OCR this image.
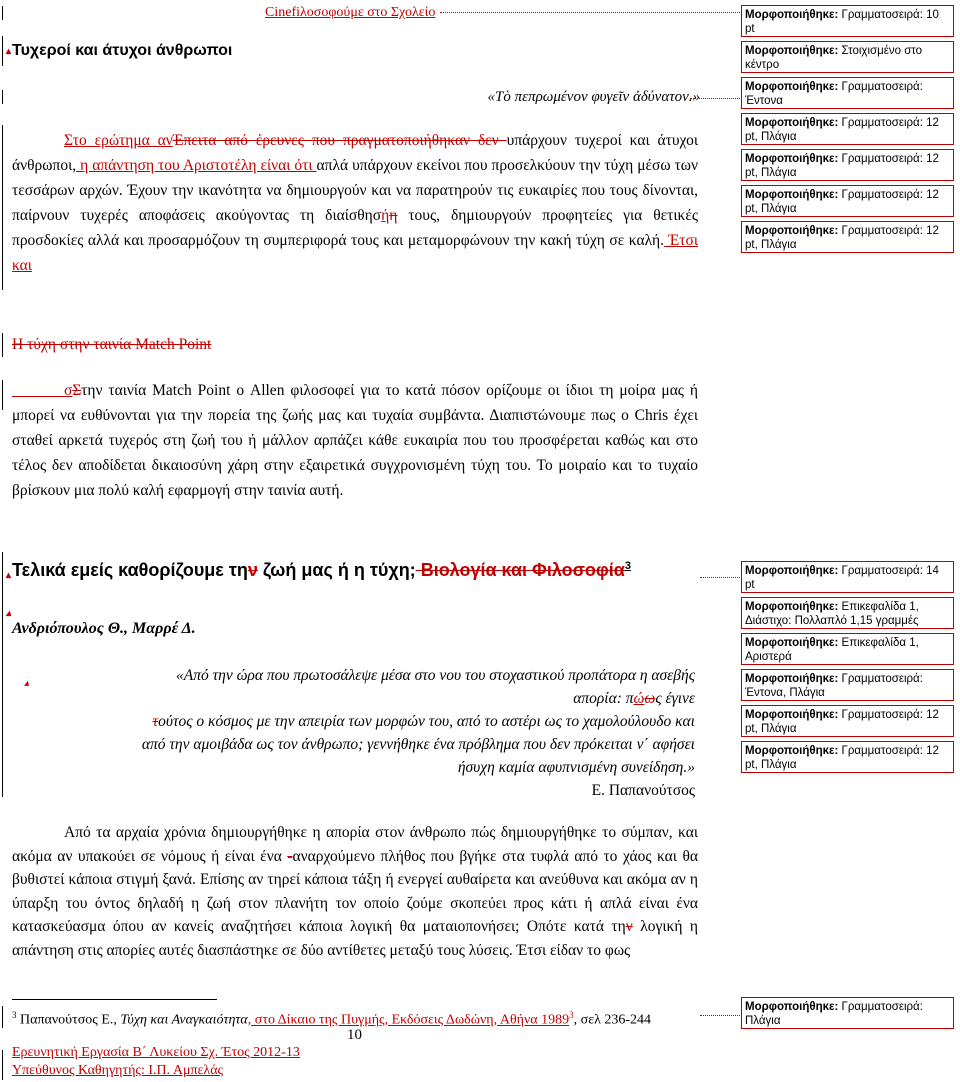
Cinefiλοσοφούμε στο Σχολείο
▴ Τυχεροί και άτυχοι άνθρωποι
«Τὸ πεπρωμένον φυγεῖν ἀδύνατον.»
Στο ερώτημα ανΈπειτα από έρευνες που πραγματοποιήθηκαν δεν υπάρχουν τυχεροί και άτυχοι άνθρωποι, η απάντηση του Αριστοτέλη είναι ότι απλά υπάρχουν εκείνοι που προσελκύουν την τύχη μέσω των τεσσάρων αρχών. Έχουν την ικανότητα να δημιουργούν και να παρατηρούν τις ευκαιρίες που τους δίνονται, παίρνουν τυχερές αποφάσεις ακούγοντας τη διαίσθησήη τους, δημιουργούν προφητείες για θετικές προσδοκίες αλλά και προσαρμόζουν τη συμπεριφορά τους και μεταμορφώνουν την κακή τύχη σε καλή. Έτσι και
Η τύχη στην ταινία Match Point
σΣτην ταινία Match Point ο Allen φιλοσοφεί για το κατά πόσον ορίζουμε οι ίδιοι τη μοίρα μας ή μπορεί να ευθύνονται για την πορεία της ζωής μας και τυχαία συμβάντα. Διαπιστώνουμε πως ο Chris έχει σταθεί αρκετά τυχερός στη ζωή του ή μάλλον αρπάζει κάθε ευκαιρία που του προσφέρεται καθώς και στο τέλος δεν αποδίδεται δικαιοσύνη χάρη στην εξαιρετικά συγχρονισμένη τύχη του. Το μοιραίο και το τυχαίο βρίσκουν μια πολύ καλή εφαρμογή στην ταινία αυτή.
▴ Τελικά εμείς καθορίζουμε την ζωή μας ή η τύχη; Βιολογία και Φιλοσοφία$^3$
▴
Ανδριόπουλος Θ., Μαρρέ Δ.
▴	«Από την ώρα που πρωτοσάλεψε μέσα στο νου του στοχαστικού προπάτορα η ασεβής
απορία: πώως έγινε
τούτος ο κόσμος με την απειρία των μορφών του, από το αστέρι ως το χαμολούλουδο και
από την αμοιβάδα ως τον άνθρωπο; γεννήθηκε ένα πρόβλημα που δεν πρόκειται ν΄ αφήσει
ήσυχη καμία αφυπνισμένη συνείδηση.»
Ε. Παπανούτσος
Από τα αρχαία χρόνια δημιουργήθηκε η απορία στον άνθρωπο πώς δημιουργήθηκε το σύμπαν, και ακόμα αν υπακούει σε νόμους ή είναι ένα -αναρχούμενο πλήθος που βγήκε στα τυφλά από το χάος και θα βυθιστεί κάποια στιγμή ξανά. Επίσης αν τηρεί κάποια τάξη ή ενεργεί αυθαίρετα και ανεύθυνα και ακόμα αν η ύπαρξη του όντος δηλαδή η ζωή στον πλανήτη τον οποίο ζούμε σκοπεύει προς κάτι ή απλά είναι ένα κατασκεύασμα όπου αν κανείς αναζητήσει κάποια λογική θα ματαιοπονήσει; Οπότε κατά την λογική η απάντηση στις απορίες αυτές διασπάστηκε σε δύο αντίθετες μεταξύ τους λύσεις. Έτσι είδαν το φως
$^3$ Παπανούτσος Ε., Τύχη και Αναγκαιότητα, στο Δίκαιο της Πυγμής, Εκδόσεις Δωδώνη, Αθήνα 1989$^3$, σελ 236-244
10
Ερευνητική Εργασία Β΄ Λυκείου Σχ. Έτος 2012-13
Υπεύθυνος Καθηγητής: Ι.Π. Αμπελάς
Μορφοποιήθηκε: Γραμματοσειρά: 10 pt
Μορφοποιήθηκε: Στοιχισμένο στο κέντρο
Μορφοποιήθηκε: Γραμματοσειρά: Έντονα
Μορφοποιήθηκε: Γραμματοσειρά: 12 pt, Πλάγια
Μορφοποιήθηκε: Γραμματοσειρά: 12 pt, Πλάγια
Μορφοποιήθηκε: Γραμματοσειρά: 12 pt, Πλάγια
Μορφοποιήθηκε: Γραμματοσειρά: 12 pt, Πλάγια
Μορφοποιήθηκε: Γραμματοσειρά: 14 pt
Μορφοποιήθηκε: Επικεφαλίδα 1, Διάστιχο: Πολλαπλό 1,15 γραμμές
Μορφοποιήθηκε: Επικεφαλίδα 1, Αριστερά
Μορφοποιήθηκε: Γραμματοσειρά: Έντονα, Πλάγια
Μορφοποιήθηκε: Γραμματοσειρά: 12 pt, Πλάγια
Μορφοποιήθηκε: Γραμματοσειρά: 12 pt, Πλάγια
Μορφοποιήθηκε: Γραμματοσειρά: Πλάγια
